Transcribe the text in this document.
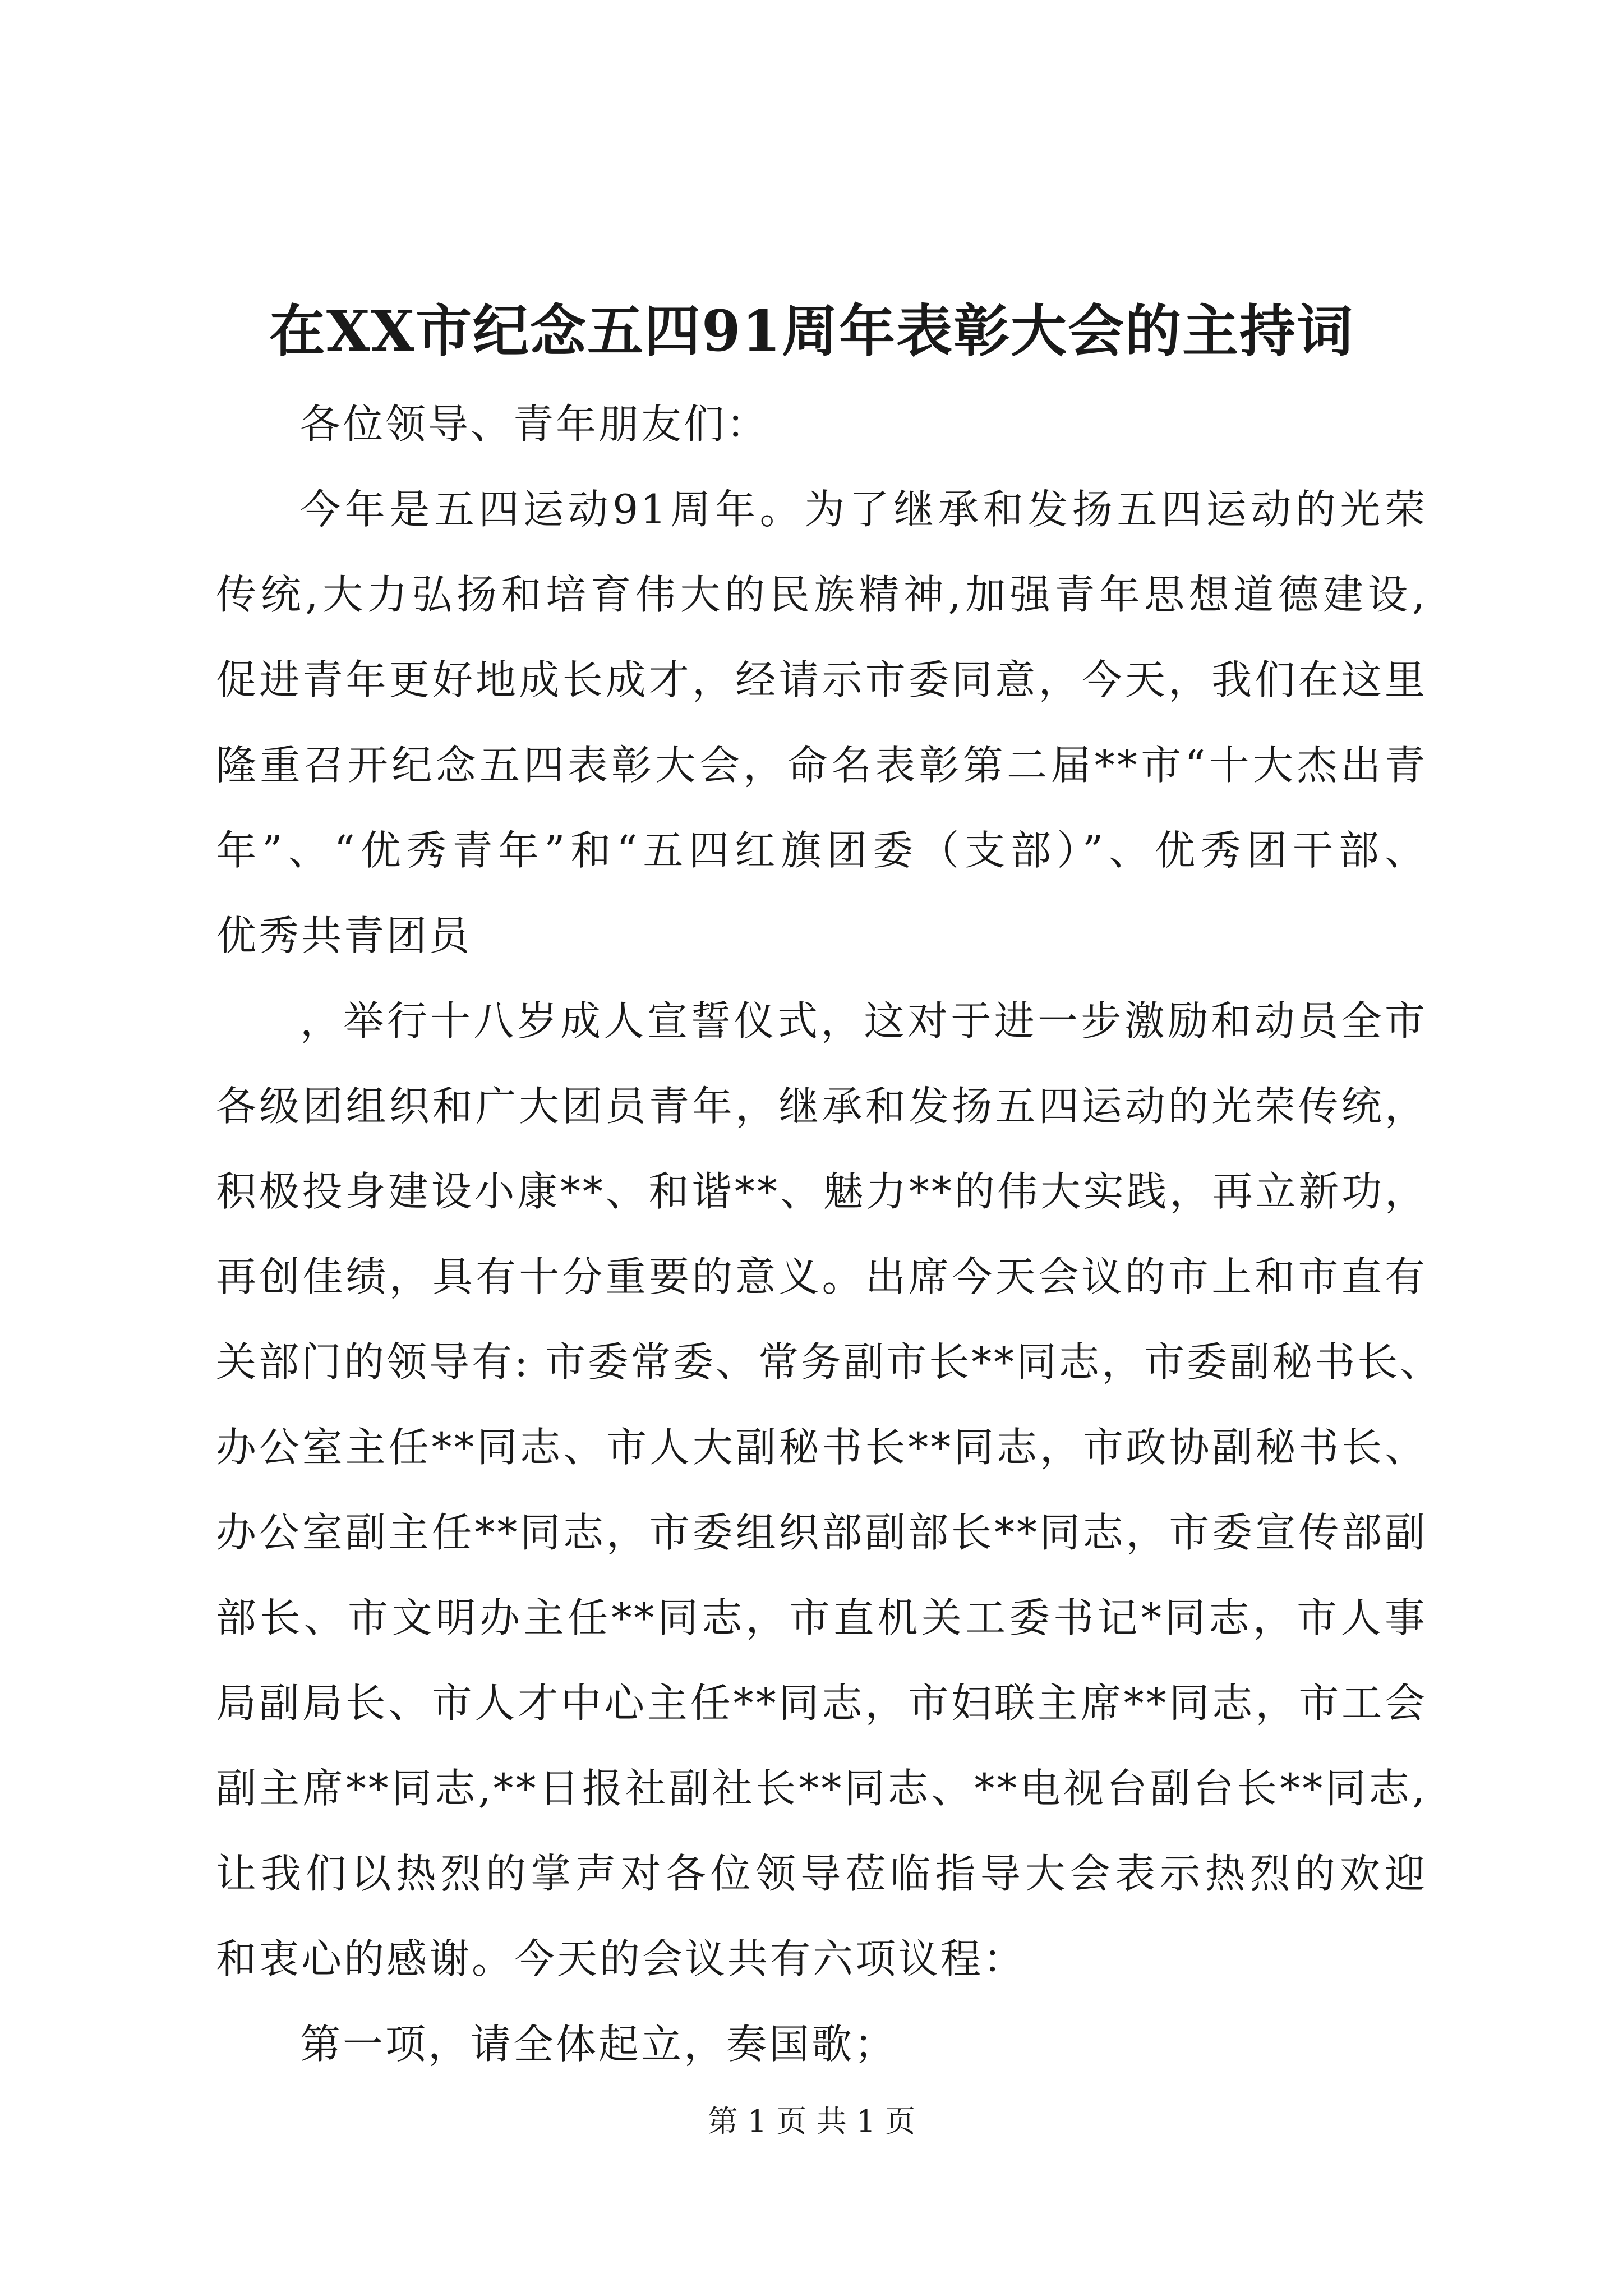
在XX市纪念五四91周年表彰大会的主持词
各位领导、青年朋友们：
今年是五四运动91周年。为了继承和发扬五四运动的光荣
传统,大力弘扬和培育伟大的民族精神,加强青年思想道德建设,
促进青年更好地成长成才，经请示市委同意，今天，我们在这里
隆重召开纪念五四表彰大会，命名表彰第二届**市“十大杰出青
年”、“优秀青年”和“五四红旗团委（支部）”、优秀团干部、
优秀共青团员
，举行十八岁成人宣誓仪式，这对于进一步激励和动员全市
各级团组织和广大团员青年，继承和发扬五四运动的光荣传统，
积极投身建设小康**、和谐**、魅力**的伟大实践，再立新功，
再创佳绩，具有十分重要的意义。出席今天会议的市上和市直有
关部门的领导有: 市委常委、常务副市长**同志，市委副秘书长、
办公室主任**同志、市人大副秘书长**同志，市政协副秘书长、
办公室副主任**同志，市委组织部副部长**同志，市委宣传部副
部长、市文明办主任**同志，市直机关工委书记*同志，市人事
局副局长、市人才中心主任**同志，市妇联主席**同志，市工会
副主席**同志,**日报社副社长**同志、**电视台副台长**同志,
让我们以热烈的掌声对各位领导莅临指导大会表示热烈的欢迎
和衷心的感谢。今天的会议共有六项议程：
第一项，请全体起立，奏国歌；
第 1 页 共 1 页
